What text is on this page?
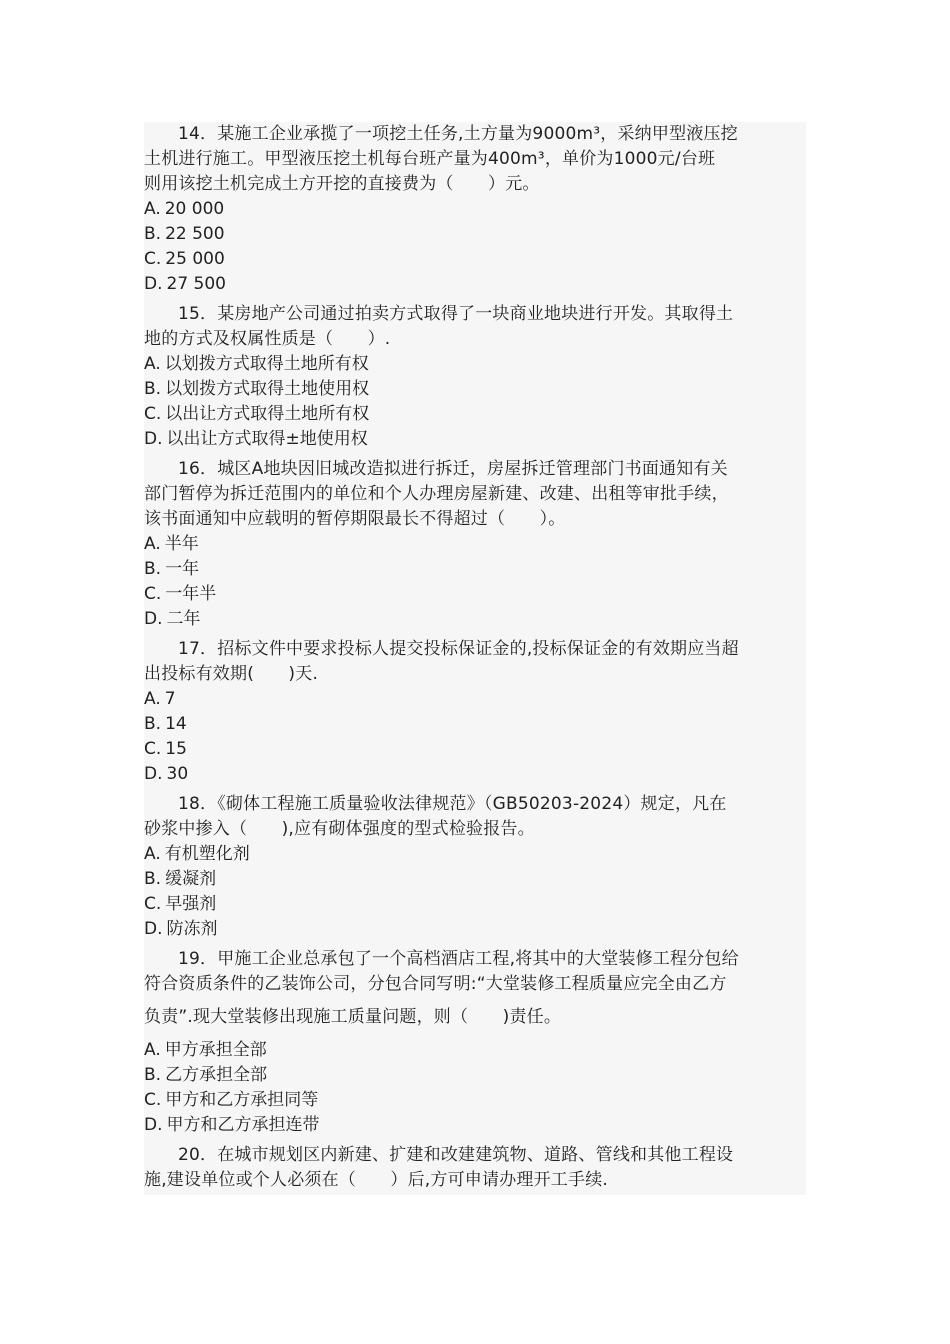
14．某施工企业承揽了一项挖土任务,土方量为9000m³，采纳甲型液压挖
土机进行施工。甲型液压挖土机每台班产量为400m³，单价为1000元/台班
则用该挖土机完成土方开挖的直接费为（　　）元。

A. 20 000
B. 22 500
C. 25 000
D. 27 500

15．某房地产公司通过拍卖方式取得了一块商业地块进行开发。其取得土
地的方式及权属性质是（　　）.

A. 以划拨方式取得土地所有权
B. 以划拨方式取得土地使用权
C. 以出让方式取得土地所有权
D. 以出让方式取得±地使用权

16．城区A地块因旧城改造拟进行拆迁，房屋拆迁管理部门书面通知有关
部门暂停为拆迁范围内的单位和个人办理房屋新建、改建、出租等审批手续，
该书面通知中应载明的暂停期限最长不得超过（　　）。

A. 半年
B. 一年
C. 一年半
D. 二年

17．招标文件中要求投标人提交投标保证金的,投标保证金的有效期应当超
出投标有效期(　　)天.

A. 7
B. 14
C. 15
D. 30

18．《砌体工程施工质量验收法律规范》（GB50203-2024）规定，凡在
砂浆中掺入（　　),应有砌体强度的型式检验报告。

A. 有机塑化剂
B. 缓凝剂
C. 早强剂
D. 防冻剂

19．甲施工企业总承包了一个高档酒店工程,将其中的大堂装修工程分包给
符合资质条件的乙装饰公司，分包合同写明:“大堂装修工程质量应完全由乙方
负责”.现大堂装修出现施工质量问题，则（　　)责任。

A. 甲方承担全部
B. 乙方承担全部
C. 甲方和乙方承担同等
D. 甲方和乙方承担连带

20．在城市规划区内新建、扩建和改建建筑物、道路、管线和其他工程设
施,建设单位或个人必须在（　　）后,方可申请办理开工手续.
